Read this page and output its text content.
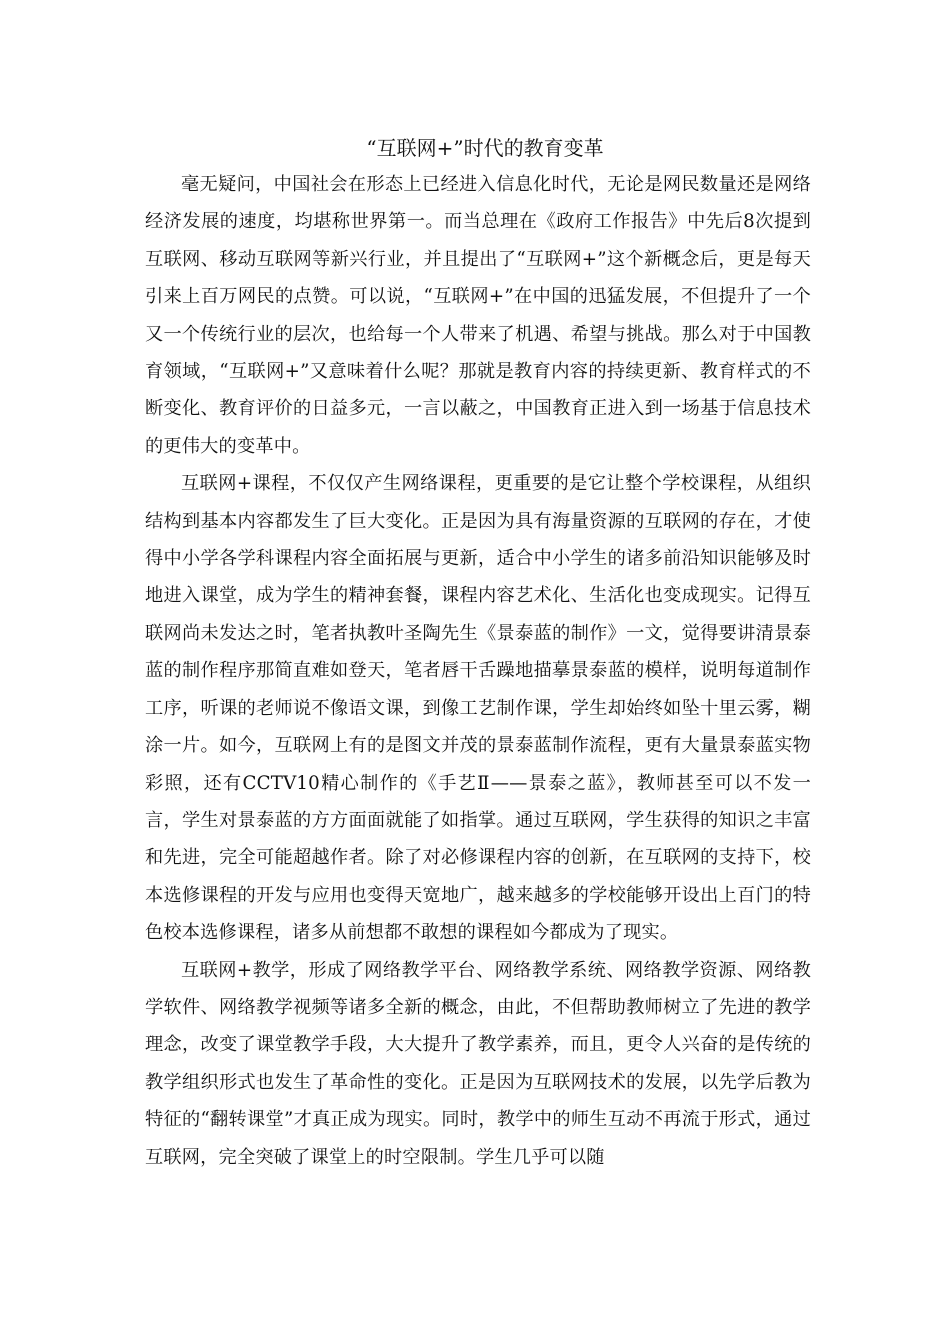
“互联网+”时代的教育变革

毫无疑问，中国社会在形态上已经进入信息化时代，无论是网民数量还是网络经济发展的速度，均堪称世界第一。而当总理在《政府工作报告》中先后8次提到互联网、移动互联网等新兴行业，并且提出了“互联网+”这个新概念后，更是每天引来上百万网民的点赞。可以说，“互联网+”在中国的迅猛发展，不但提升了一个又一个传统行业的层次，也给每一个人带来了机遇、希望与挑战。那么对于中国教育领域，“互联网+”又意味着什么呢？那就是教育内容的持续更新、教育样式的不断变化、教育评价的日益多元，一言以蔽之，中国教育正进入到一场基于信息技术的更伟大的变革中。

互联网+课程，不仅仅产生网络课程，更重要的是它让整个学校课程，从组织结构到基本内容都发生了巨大变化。正是因为具有海量资源的互联网的存在，才使得中小学各学科课程内容全面拓展与更新，适合中小学生的诸多前沿知识能够及时地进入课堂，成为学生的精神套餐，课程内容艺术化、生活化也变成现实。记得互联网尚未发达之时，笔者执教叶圣陶先生《景泰蓝的制作》一文，觉得要讲清景泰蓝的制作程序那简直难如登天，笔者唇干舌躁地描摹景泰蓝的模样，说明每道制作工序，听课的老师说不像语文课，到像工艺制作课，学生却始终如坠十里云雾，糊涂一片。如今，互联网上有的是图文并茂的景泰蓝制作流程，更有大量景泰蓝实物彩照，还有CCTV10精心制作的《手艺Ⅱ——景泰之蓝》，教师甚至可以不发一言，学生对景泰蓝的方方面面就能了如指掌。通过互联网，学生获得的知识之丰富和先进，完全可能超越作者。除了对必修课程内容的创新，在互联网的支持下，校本选修课程的开发与应用也变得天宽地广，越来越多的学校能够开设出上百门的特色校本选修课程，诸多从前想都不敢想的课程如今都成为了现实。

互联网+教学，形成了网络教学平台、网络教学系统、网络教学资源、网络教学软件、网络教学视频等诸多全新的概念，由此，不但帮助教师树立了先进的教学理念，改变了课堂教学手段，大大提升了教学素养，而且，更令人兴奋的是传统的教学组织形式也发生了革命性的变化。正是因为互联网技术的发展，以先学后教为特征的“翻转课堂”才真正成为现实。同时，教学中的师生互动不再流于形式，通过互联网，完全突破了课堂上的时空限制。学生几乎可以随
